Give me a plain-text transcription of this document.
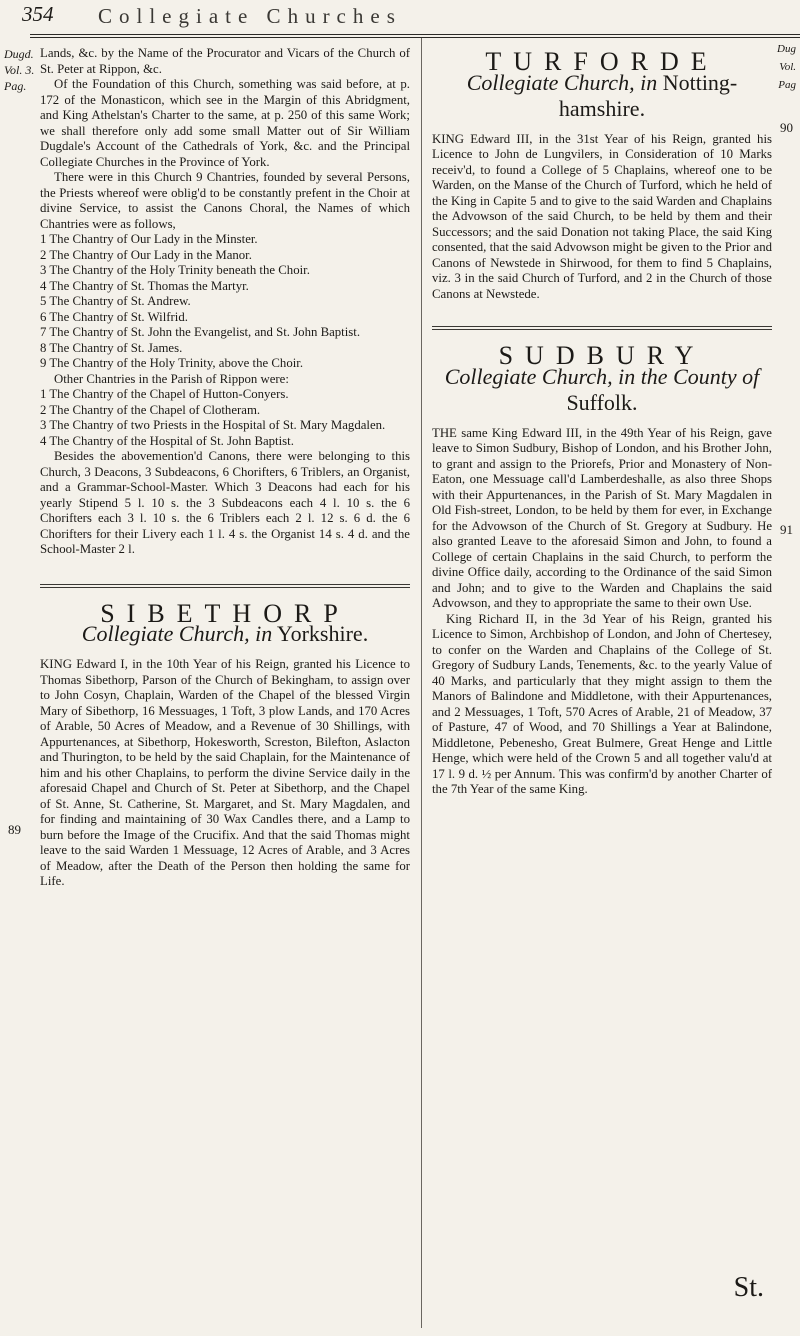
354 Collegiate Churches
Dug
Vol.
Pag
Dugd.
Vol. 3.
Pag.
89
90
91

Lands, &c. by the Name of the Procurator and Vicars of the Church of St. Peter at Rippon, &c.

Of the Foundation of this Church, something was said before, at p. 172 of the Monasticon, which see in the Margin of this Abridgment, and King Athelstan's Charter to the same, at p. 250 of this same Work; we shall therefore only add some small Matter out of Sir William Dugdale's Account of the Cathedrals of York, &c. and the Principal Collegiate Churches in the Province of York.

There were in this Church 9 Chantries, founded by several Persons, the Priests whereof were oblig'd to be constantly prefent in the Choir at divine Service, to assist the Canons Choral, the Names of which Chantries were as follows,

1 The Chantry of Our Lady in the Minster.

2 The Chantry of Our Lady in the Manor.

3 The Chantry of the Holy Trinity beneath the Choir.

4 The Chantry of St. Thomas the Martyr.

5 The Chantry of St. Andrew.

6 The Chantry of St. Wilfrid.

7 The Chantry of St. John the Evangelist, and St. John Baptist.

8 The Chantry of St. James.

9 The Chantry of the Holy Trinity, above the Choir.

Other Chantries in the Parish of Rippon were:

1 The Chantry of the Chapel of Hutton-Conyers.

2 The Chantry of the Chapel of Clotheram.

3 The Chantry of two Priests in the Hospital of St. Mary Magdalen.

4 The Chantry of the Hospital of St. John Baptist.

Besides the abovemention'd Canons, there were belonging to this Church, 3 Deacons, 3 Subdeacons, 6 Chorifters, 6 Triblers, an Organist, and a Grammar-School-Master. Which 3 Deacons had each for his yearly Stipend 5 l. 10 s. the 3 Subdeacons each 4 l. 10 s. the 6 Chorifters each 3 l. 10 s. the 6 Triblers each 2 l. 12 s. 6 d. the 6 Chorifters for their Livery each 1 l. 4 s. the Organist 14 s. 4 d. and the School-Master 2 l.

SIBETHORP
Collegiate Church, in Yorkshire.

KING Edward I, in the 10th Year of his Reign, granted his Licence to Thomas Sibethorp, Parson of the Church of Bekingham, to assign over to John Cosyn, Chaplain, Warden of the Chapel of the blessed Virgin Mary of Sibethorp, 16 Messuages, 1 Toft, 3 plow Lands, and 170 Acres of Arable, 50 Acres of Meadow, and a Revenue of 30 Shillings, with Appurtenances, at Sibethorp, Hokesworth, Screston, Bilefton, Aslacton and Thurington, to be held by the said Chaplain, for the Maintenance of him and his other Chaplains, to perform the divine Service daily in the aforesaid Chapel and Church of St. Peter at Sibethorp, and the Chapel of St. Anne, St. Catherine, St. Margaret, and St. Mary Magdalen, and for finding and maintaining of 30 Wax Candles there, and a Lamp to burn before the Image of the Crucifix. And that the said Thomas might leave to the said Warden 1 Messuage, 12 Acres of Arable, and 3 Acres of Meadow, after the Death of the Person then holding the same for Life.

TURFORDE
Collegiate Church, in Notting-hamshire.

KING Edward III, in the 31st Year of his Reign, granted his Licence to John de Lungvilers, in Consideration of 10 Marks receiv'd, to found a College of 5 Chaplains, whereof one to be Warden, on the Manse of the Church of Turford, which he held of the King in Capite 5 and to give to the said Warden and Chaplains the Advowson of the said Church, to be held by them and their Successors; and the said Donation not taking Place, the said King consented, that the said Advowson might be given to the Prior and Canons of Newstede in Shirwood, for them to find 5 Chaplains, viz. 3 in the said Church of Turford, and 2 in the Church of those Canons at Newstede.

SUDBURY
Collegiate Church, in the County of Suffolk.

THE same King Edward III, in the 49th Year of his Reign, gave leave to Simon Sudbury, Bishop of London, and his Brother John, to grant and assign to the Priorefs, Prior and Monastery of Non-Eaton, one Messuage call'd Lamberdeshalle, as also three Shops with their Appurtenances, in the Parish of St. Mary Magdalen in Old Fish-street, London, to be held by them for ever, in Exchange for the Advowson of the Church of St. Gregory at Sudbury. He also granted Leave to the aforesaid Simon and John, to found a College of certain Chaplains in the said Church, to perform the divine Office daily, according to the Ordinance of the said Simon and John; and to give to the Warden and Chaplains the said Advowson, and they to appropriate the same to their own Use.

King Richard II, in the 3d Year of his Reign, granted his Licence to Simon, Archbishop of London, and John of Chertesey, to confer on the Warden and Chaplains of the College of St. Gregory of Sudbury Lands, Tenements, &c. to the yearly Value of 40 Marks, and particularly that they might assign to them the Manors of Balindone and Middletone, with their Appurtenances, and 2 Messuages, 1 Toft, 570 Acres of Arable, 21 of Meadow, 37 of Pasture, 47 of Wood, and 70 Shillings a Year at Balindone, Middletone, Pebenesho, Great Bulmere, Great Henge and Little Henge, which were held of the Crown 5 and all together valu'd at 17 l. 9 d. ½ per Annum. This was confirm'd by another Charter of the 7th Year of the same King.

St.
